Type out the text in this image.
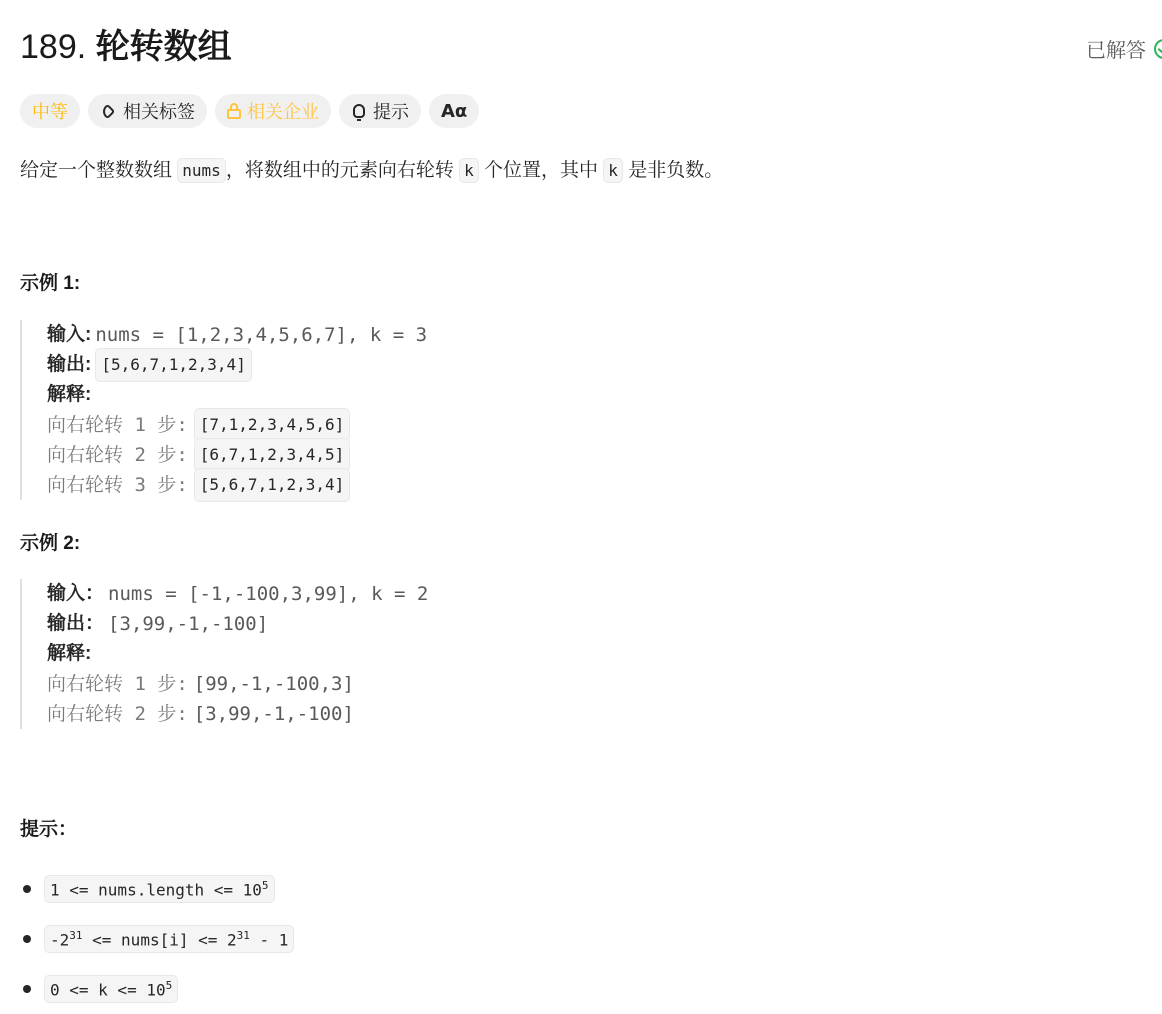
189. 轮转数组	已解答
中等	相关标签	相关企业	提示 Aα
给定一个整数数组 nums ，将数组中的元素向右轮转 k 个位置，其中 k 是非负数。
示例 1:
输入: nums = [1,2,3,4,5,6,7], k = 3
输出: [5,6,7,1,2,3,4]
解释:
向右轮转 1 步: [7,1,2,3,4,5,6]
向右轮转 2 步: [6,7,1,2,3,4,5]
向右轮转 3 步: [5,6,7,1,2,3,4]
示例 2:
输入： nums = [-1,-100,3,99], k = 2
输出： [3,99,-1,-100]
解释:
向右轮转 1 步: [99,-1,-100,3]
向右轮转 2 步: [3,99,-1,-100]
提示：
1 <= nums.length <= $10^5$
$-2^{31}$ <= nums[i] <= $2^{31} - 1$
$0 <= k <= 10^5$
